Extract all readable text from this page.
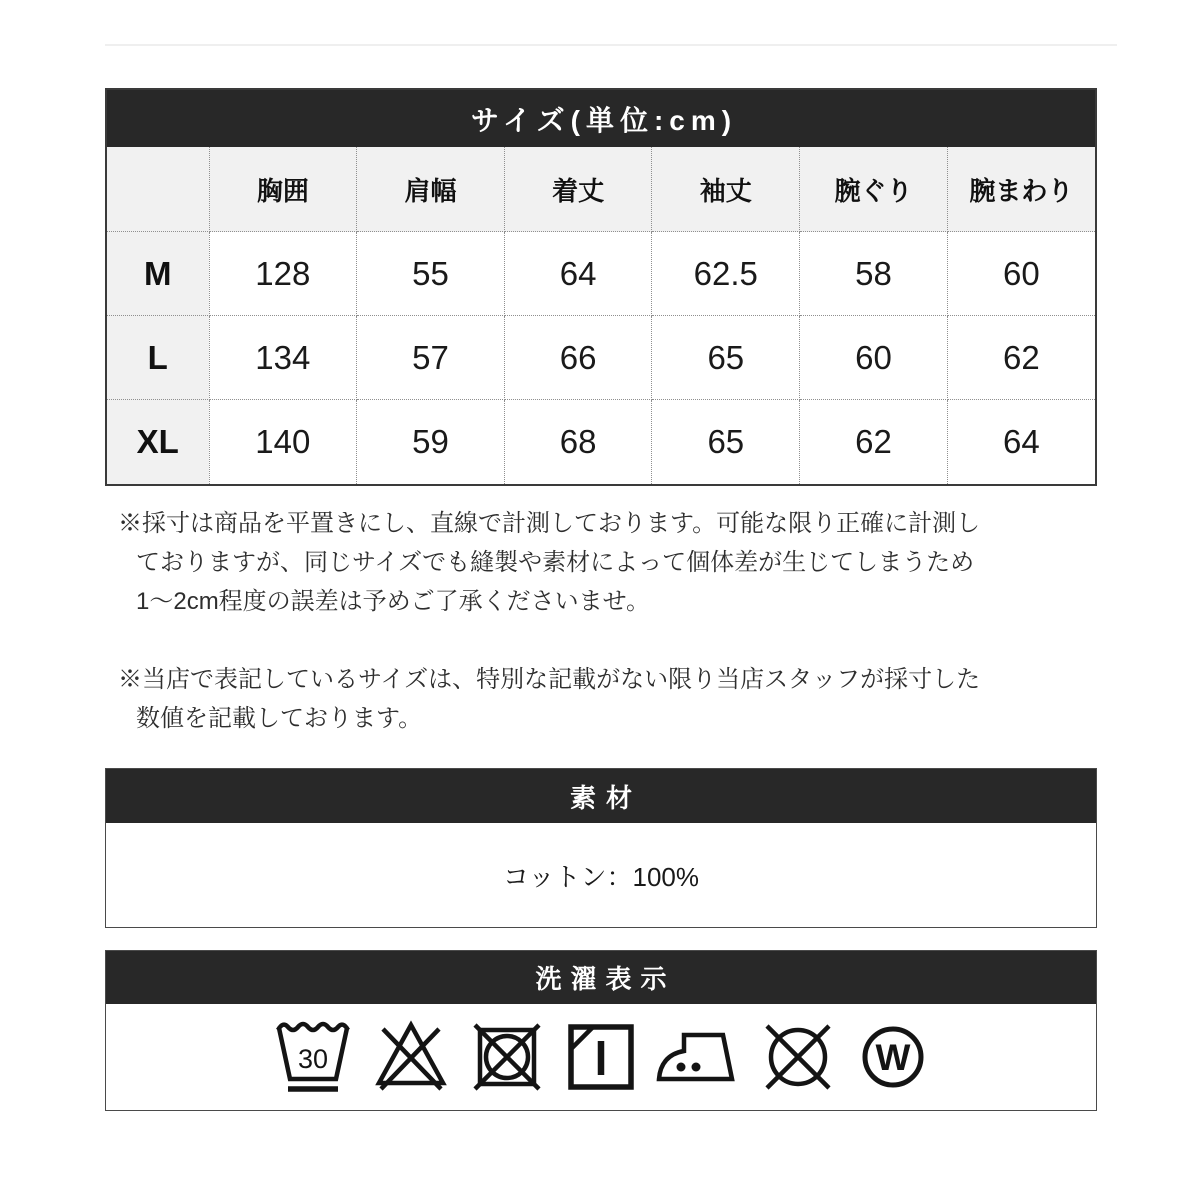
サイズ(単位:cm)
	胸囲	肩幅	着丈	袖丈	腕ぐり	腕まわり
M	128	55	64	62.5	58	60
L	134	57	66	65	60	62
XL	140	59	68	65	62	64
※採寸は商品を平置きにし、直線で計測しております。可能な限り正確に計測し
ておりますが、同じサイズでも縫製や素材によって個体差が生じてしまうため
1〜2cm程度の誤差は予めご了承くださいませ。
※当店で表記しているサイズは、特別な記載がない限り当店スタッフが採寸した
数値を記載しております。
素材
コットン：100%
洗濯表示
30	W
